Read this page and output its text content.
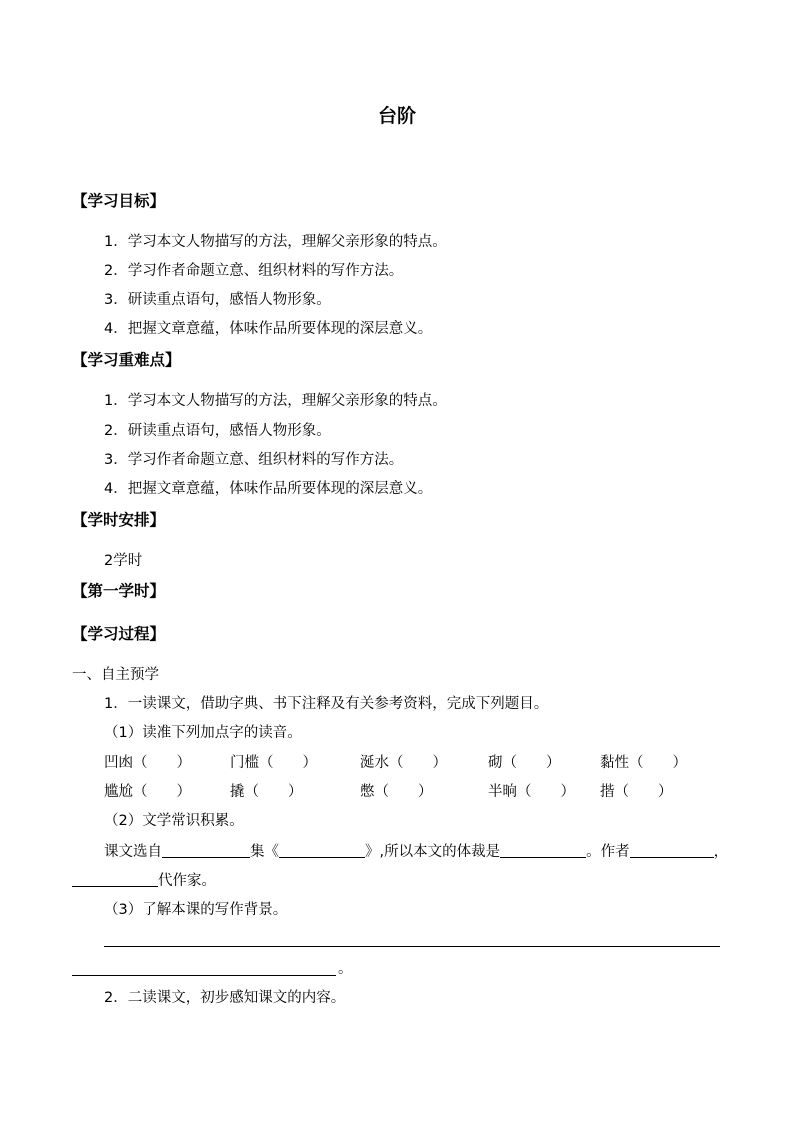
台阶
【学习目标】
1．学习本文人物描写的方法，理解父亲形象的特点。
2．学习作者命题立意、组织材料的写作方法。
3．研读重点语句，感悟人物形象。
4．把握文章意蕴，体味作品所要体现的深层意义。
【学习重难点】
1．学习本文人物描写的方法，理解父亲形象的特点。
2．研读重点语句，感悟人物形象。
3．学习作者命题立意、组织材料的写作方法。
4．把握文章意蕴，体味作品所要体现的深层意义。
【学时安排】
2学时
【第一学时】
【学习过程】
一、自主预学
1．一读课文，借助字典、书下注释及有关参考资料，完成下列题目。
（1）读准下列加点字的读音。
凹凼（　　）	门槛（　　）	涎水（　　）	砌（　　）	黏性（　　）
尴尬（　　）	撬（　　）	憋（　　）	半晌（　　） 揩（　　）
（2）文学常识积累。
课文选自	集《	》,所以本文的体裁是	。作者	，
代作家。
（3）了解本课的写作背景。
。
2．二读课文，初步感知课文的内容。
